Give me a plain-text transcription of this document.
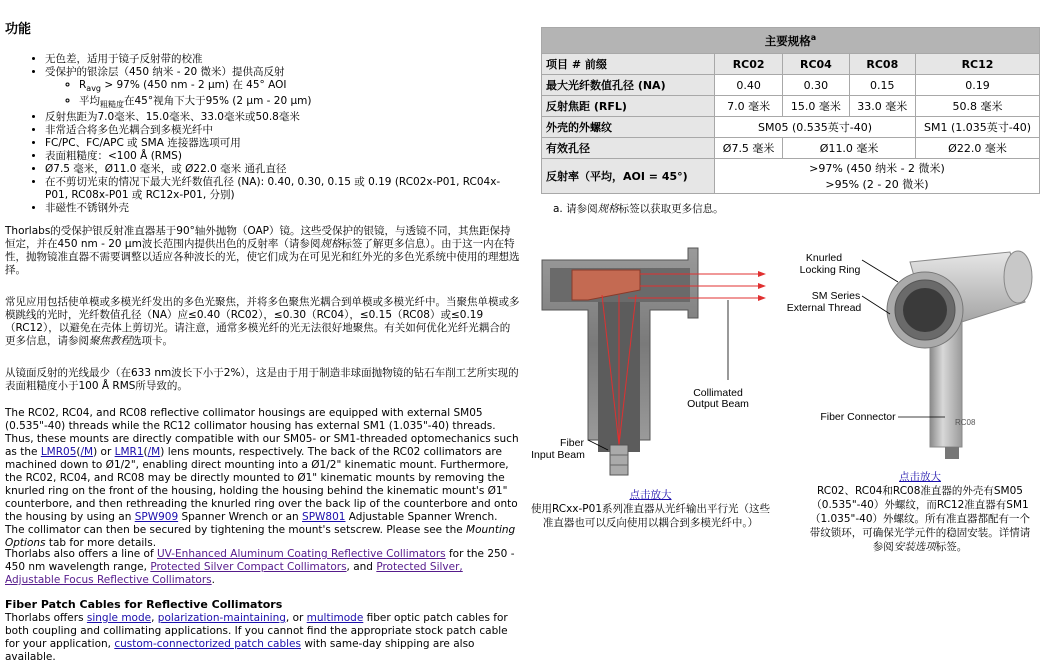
功能
• 无色差，适用于镜子反射带的校准
• 受保护的银涂层（450 纳米 - 20 微米）提供高反射
◦ $R_{avg} > 97\%$ (450 nm - 2 μm) 在 45° AOI
◦ 平均$_{粗糙度}$在45°视角下大于95% (2 μm - 20 μm)
• 反射焦距为7.0毫米、15.0毫米、33.0毫米或50.8毫米
• 非常适合将多色光耦合到多模光纤中
• FC/PC、FC/APC 或 SMA 连接器选项可用
• 表面粗糙度：<100 Å (RMS)
• Ø7.5 毫米，Ø11.0 毫米，或 Ø22.0 毫米 通孔直径
• 在不剪切光束的情况下最大光纤数值孔径 (NA): 0.40, 0.30, 0.15 或 0.19 (RC02x-P01, RC04x-P01, RC08x-P01 或 RC12x-P01, 分别)
• 非磁性不锈钢外壳

Thorlabs的受保护银反射准直器基于90°轴外抛物（OAP）镜。这些受保护的银镜，与透镜不同，其焦距保持恒定，并在450 nm - 20 μm波长范围内提供出色的反射率（请参阅规格标签了解更多信息）。由于这一内在特性，抛物镜准直器不需要调整以适应各种波长的光，使它们成为在可见光和红外光的多色光系统中使用的理想选择。

常见应用包括使单模或多模光纤发出的多色光聚焦，并将多色聚焦光耦合到单模或多模光纤中。当聚焦单模或多模跳线的光时，光纤数值孔径（NA）应≤0.40（RC02），≤0.30（RC04），≤0.15（RC08）或≤0.19（RC12），以避免在壳体上剪切光。请注意，通常多模光纤的光无法很好地聚焦。有关如何优化光纤光耦合的更多信息，请参阅聚焦教程选项卡。

从镜面反射的光线最少（在633 nm波长下小于2%），这是由于用于制造非球面抛物镜的钻石车削工艺所实现的表面粗糙度小于100 Å RMS所导致的。

The RC02, RC04, and RC08 reflective collimator housings are equipped with external SM05 (0.535"-40) threads while the RC12 collimator housing has external SM1 (1.035"-40) threads. Thus, these mounts are directly compatible with our SM05- or SM1-threaded optomechanics such as the LMR05(/M) or LMR1(/M) lens mounts, respectively. The back of the RC02 collimators are machined down to Ø1/2", enabling direct mounting into a Ø1/2" kinematic mount. Furthermore, the RC02, RC04, and RC08 may be directly mounted to Ø1" kinematic mounts by removing the knurled ring on the front of the housing, holding the housing behind the kinematic mount's Ø1" counterbore, and then rethreading the knurled ring over the back lip of the counterbore and onto the housing by using an SPW909 Spanner Wrench or an SPW801 Adjustable Spanner Wrench. The collimator can then be secured by tightening the mount's setscrew. Please see the Mounting Options tab for more details.

Thorlabs also offers a line of UV-Enhanced Aluminum Coating Reflective Collimators for the 250 - 450 nm wavelength range, Protected Silver Compact Collimators, and Protected Silver, Adjustable Focus Reflective Collimators.

Fiber Patch Cables for Reflective Collimators

Thorlabs offers single mode, polarization-maintaining, or multimode fiber optic patch cables for both coupling and collimating applications. If you cannot find the appropriate stock patch cable for your application, custom-connectorized patch cables with same-day shipping are also available.

主要规格$^a$
项目 # 前缀	RC02	RC04	RC08	RC12
最大光纤数值孔径 (NA)	0.40	0.30	0.15	0.19
反射焦距 (RFL)	7.0 毫米	15.0 毫米	33.0 毫米	50.8 毫米
外壳的外螺纹	SM05 (0.535英寸-40)			SM1 (1.035英寸-40)
有效孔径	Ø7.5 毫米	Ø11.0 毫米		Ø22.0 毫米
反射率（平均，AOI = 45°)	>97% (450 纳米 - 2 微米)
>95% (2 - 20 微米)			
a. 请参阅规格标签以获取更多信息。
Collimated
Output Beam
Fiber
Input Beam
点击放大
使用RCxx-P01系列准直器从光纤输出平行光（这些准直器也可以反向使用以耦合到多模光纤中。）
RC08
Knurled
Locking Ring
SM Series
External Thread
Fiber Connector
点击放大
RC02、RC04和RC08准直器的外壳有SM05（0.535"-40）外螺纹，而RC12准直器有SM1（1.035"-40）外螺纹。所有准直器都配有一个带纹锁环，可确保光学元件的稳固安装。详情请参阅安装选项标签。
